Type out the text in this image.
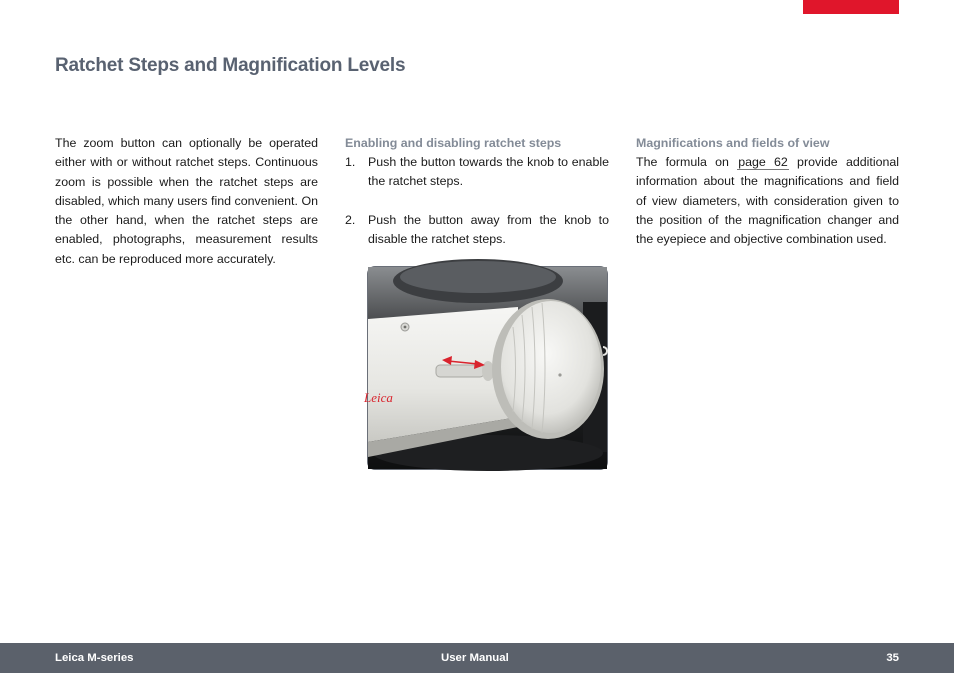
Ratchet Steps and Magnification Levels

The zoom button can optionally be operated either with or without ratchet steps. Continuous zoom is possible when the ratchet steps are disabled, which many users find convenient. On the other hand, when the ratchet steps are enabled, photographs, measurement results etc. can be reproduced more accurately.

Enabling and disabling ratchet steps
1.	Push the button towards the knob to enable the ratchet steps.
2.	Push the button away from the knob to disable the ratchet steps.
Leica
Magnifications and fields of view

The formula on page 62 provide additional information about the magnifications and field of view diameters, with consideration given to the position of the magnification changer and the eyepiece and objective combination used.

Leica M-series	User Manual	35
